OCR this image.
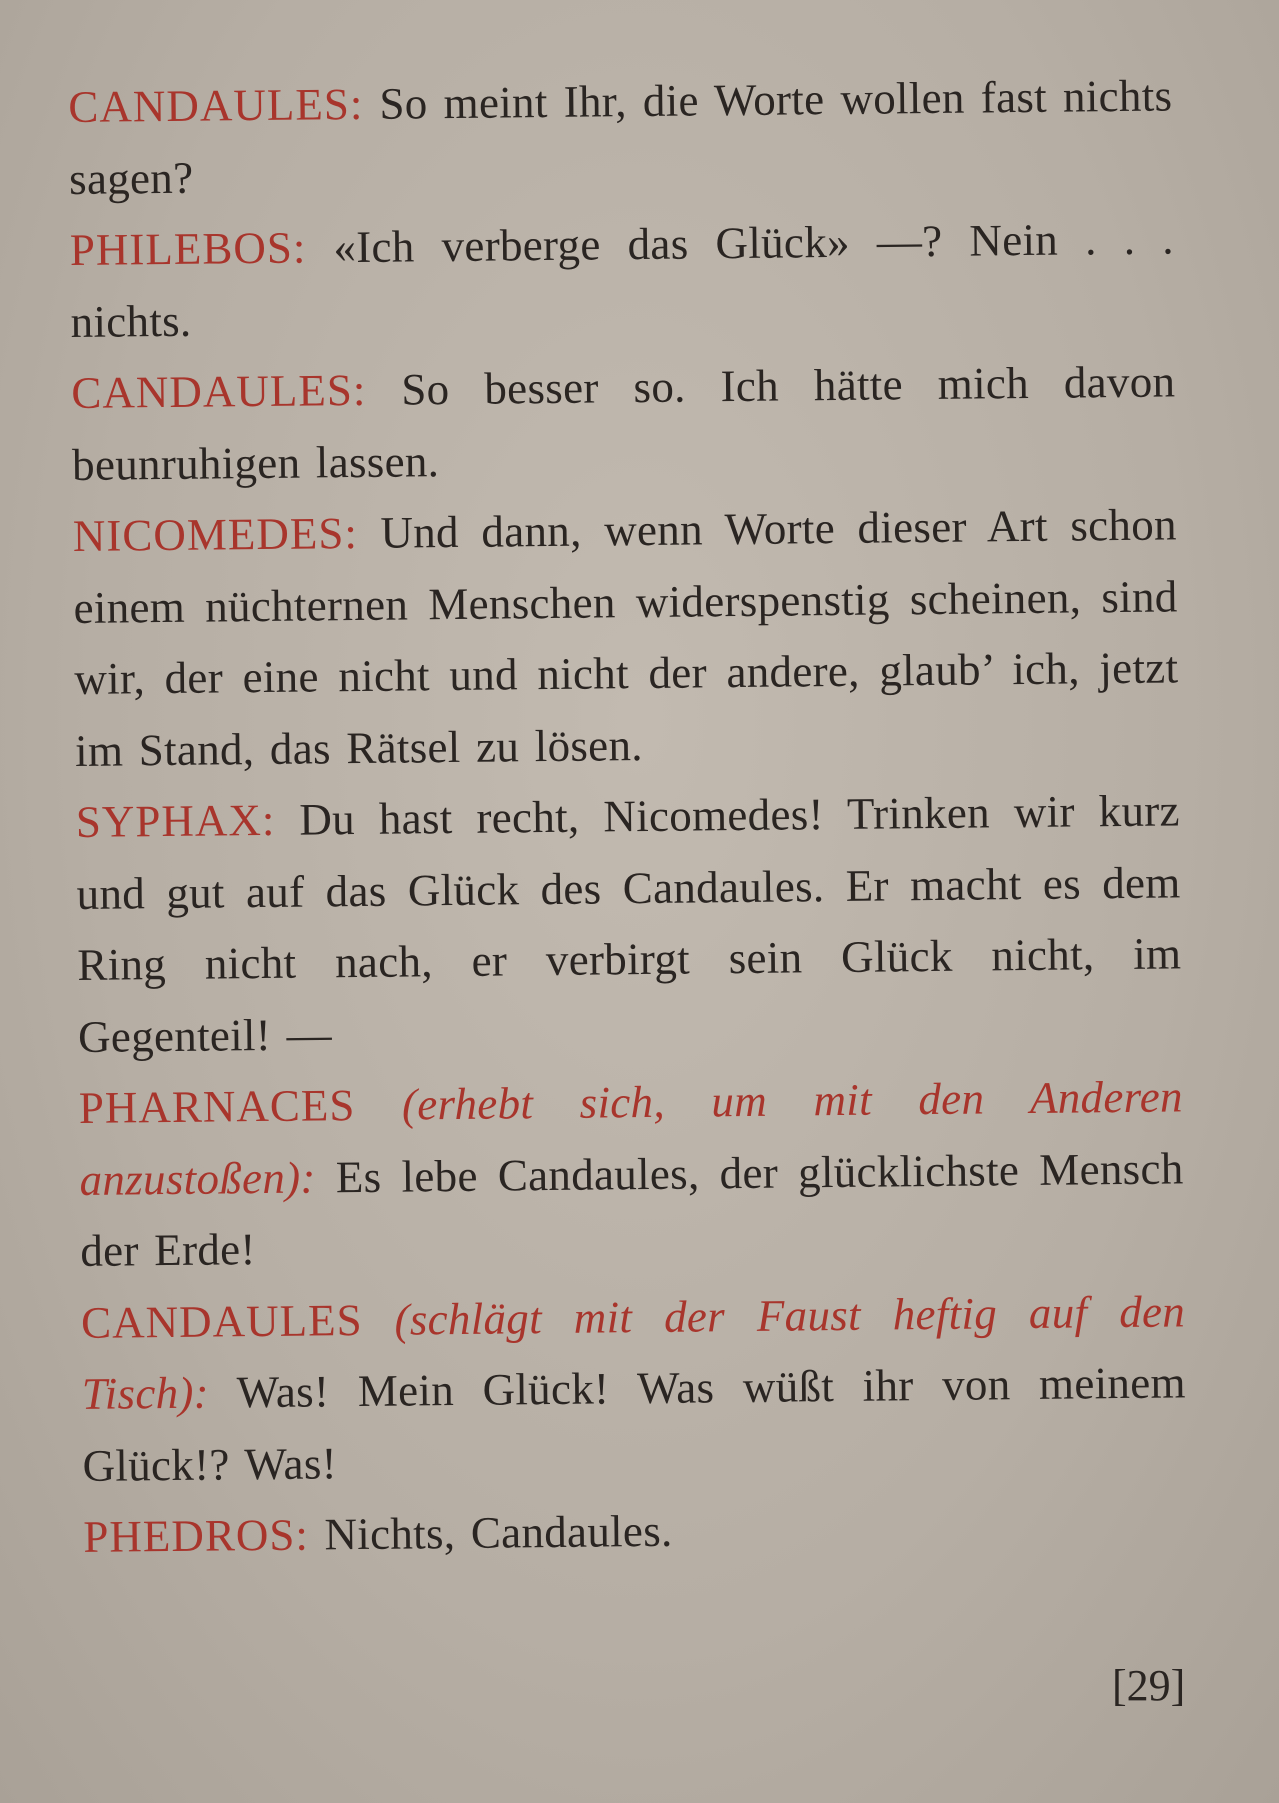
CANDAULES: So meint Ihr, die Worte wollen fast nichts sagen?

PHILEBOS: «Ich verberge das Glück» —? Nein . . . nichts.

CANDAULES: So besser so. Ich hätte mich davon beunruhigen lassen.

NICOMEDES: Und dann, wenn Worte dieser Art schon einem nüchternen Menschen widerspenstig scheinen, sind wir, der eine nicht und nicht der andere, glaub’ ich, jetzt im Stand, das Rätsel zu lösen.

SYPHAX: Du hast recht, Nicomedes! Trinken wir kurz und gut auf das Glück des Candaules. Er macht es dem Ring nicht nach, er verbirgt sein Glück nicht, im Gegenteil! —

PHARNACES (erhebt sich, um mit den Anderen anzustoßen): Es lebe Candaules, der glücklichste Mensch der Erde!

CANDAULES (schlägt mit der Faust heftig auf den Tisch): Was! Mein Glück! Was wüßt ihr von meinem Glück!? Was!

PHEDROS: Nichts, Candaules.

[29]
